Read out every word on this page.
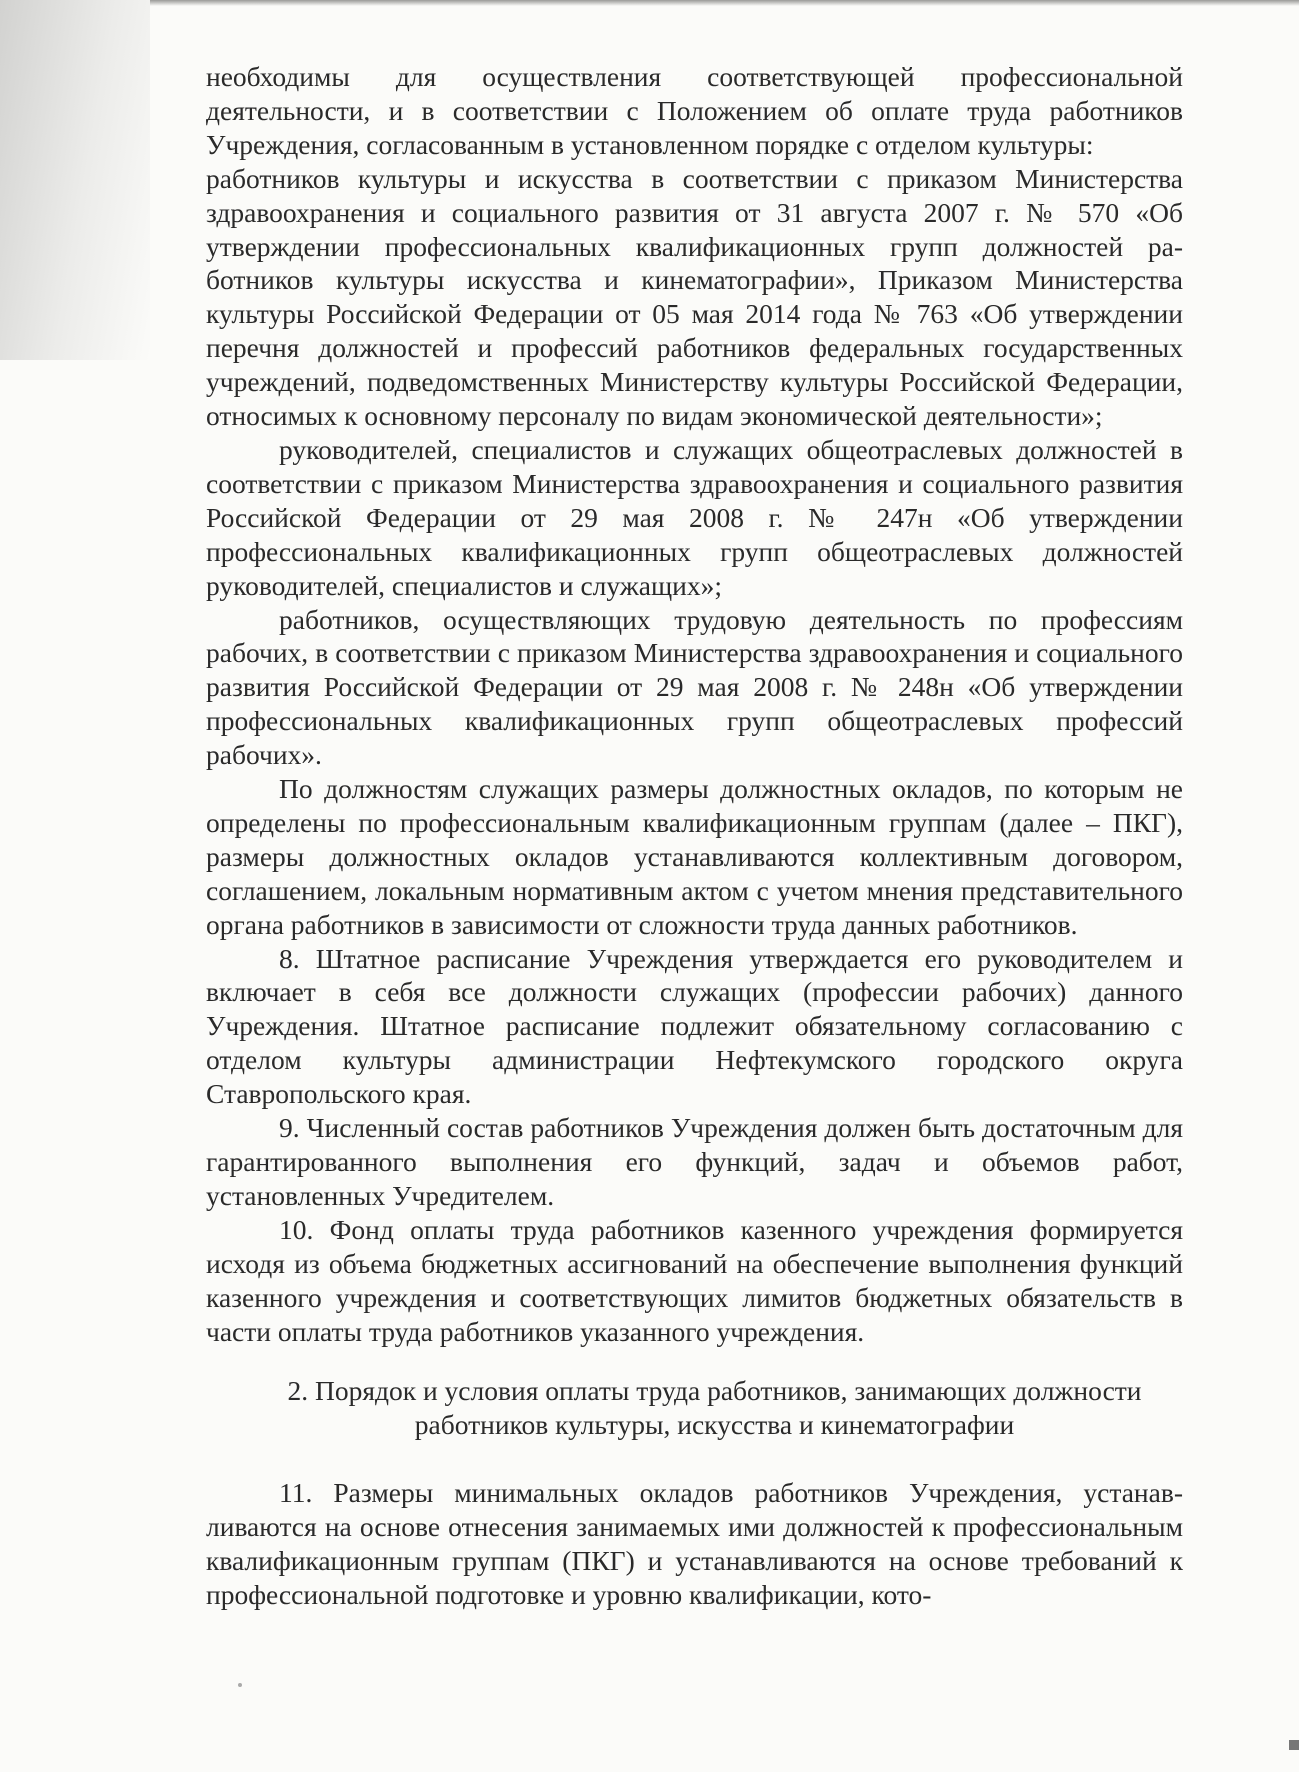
необходимы для осуществления соответствующей профессиональной деятельности, и в соответствии с Положением об оплате труда работников Учреждения, согласованным в установленном порядке с отделом культуры:

работников культуры и искусства в соответствии с приказом Министерства здравоохранения и социального развития от 31 августа 2007 г. № 570 «Об утверждении профессиональных квалификационных групп должностей работников культуры искусства и кинематографии», Приказом Министерства культуры Российской Федерации от 05 мая 2014 года № 763 «Об утверждении перечня должностей и профессий работников федеральных государственных учреждений, подведомственных Министерству культуры Российской Федерации, относимых к основному персоналу по видам экономической деятельности»;

руководителей, специалистов и служащих общеотраслевых должностей в соответствии с приказом Министерства здравоохранения и социального развития Российской Федерации от 29 мая 2008 г. № 247н «Об утверждении профессиональных квалификационных групп общеотраслевых должностей руководителей, специалистов и служащих»;

работников, осуществляющих трудовую деятельность по профессиям рабочих, в соответствии с приказом Министерства здравоохранения и социального развития Российской Федерации от 29 мая 2008 г. № 248н «Об утверждении профессиональных квалификационных групп общеотраслевых профессий рабочих».

По должностям служащих размеры должностных окладов, по которым не определены по профессиональным квалификационным группам (далее – ПКГ), размеры должностных окладов устанавливаются коллективным договором, соглашением, локальным нормативным актом с учетом мнения представительного органа работников в зависимости от сложности труда данных работников.

8. Штатное расписание Учреждения утверждается его руководителем и включает в себя все должности служащих (профессии рабочих) данного Учреждения. Штатное расписание подлежит обязательному согласованию с отделом культуры администрации Нефтекумского городского округа Ставропольского края.

9. Численный состав работников Учреждения должен быть достаточным для гарантированного выполнения его функций, задач и объемов работ, установленных Учредителем.

10. Фонд оплаты труда работников казенного учреждения формируется исходя из объема бюджетных ассигнований на обеспечение выполнения функций казенного учреждения и соответствующих лимитов бюджетных обязательств в части оплаты труда работников указанного учреждения.

2. Порядок и условия оплаты труда работников, занимающих должности работников культуры, искусства и кинематографии

11. Размеры минимальных окладов работников Учреждения, устанавливаются на основе отнесения занимаемых ими должностей к профессиональным квалификационным группам (ПКГ) и устанавливаются на основе требований к профессиональной подготовке и уровню квалификации, кото-
